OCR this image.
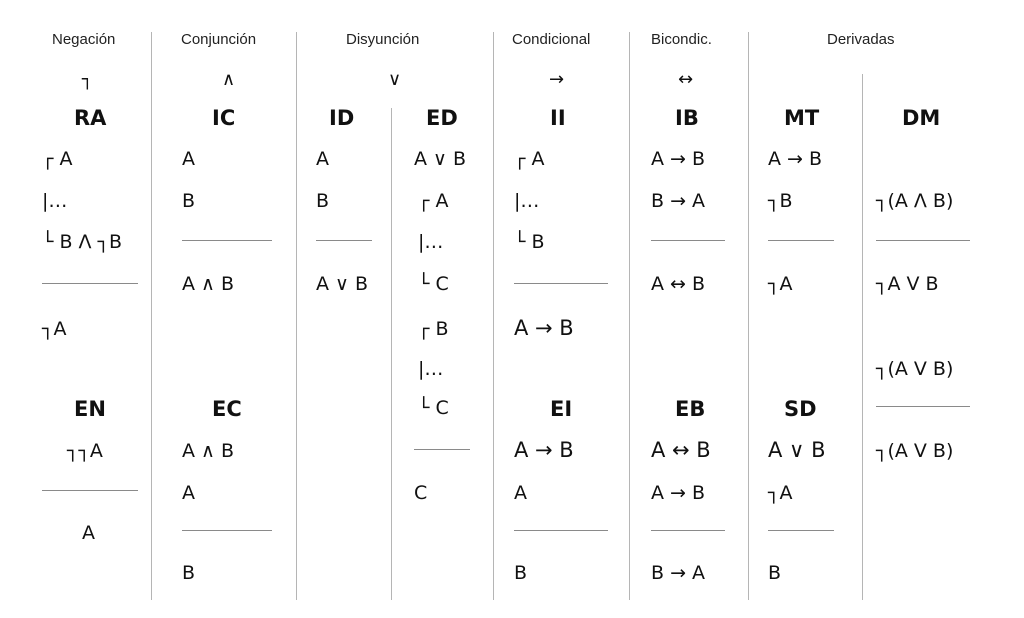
Negación	Conjunción	Disyunción	Condicional	Bicondic.	Derivadas
┐	∧	∨	→	↔
RA
┌ A
|…
└ B Λ ┐B
┐A
EN
┐┐A
A
IC
A
B
A ∧ B
EC
A ∧ B
A
B
ID
A
B
A ∨ B
ED
A ∨ B
┌ A
|…
└ C
┌ B
|…
└ C
C
II
┌ A
|…
└ B
A → B
EI
A → B
A
B
IB
A → B
B → A
A ↔ B
EB
A ↔ B
A → B
B → A
MT
A → B
┐B
┐A
SD
A ∨ B
┐A
B
DM
┐(A Λ B)
┐A V B
┐(A V B)
┐(A V B)
